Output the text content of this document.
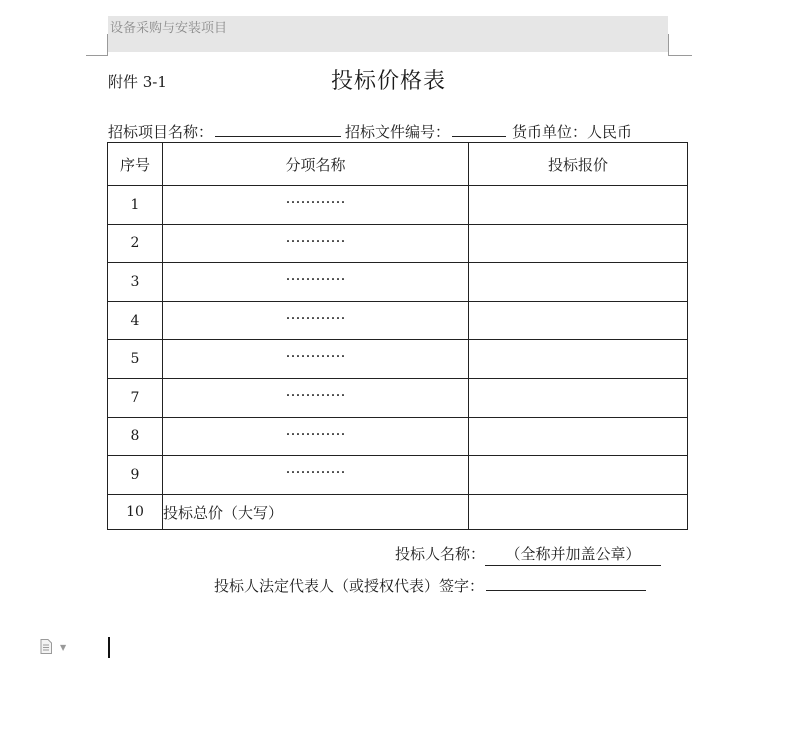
设备采购与安装项目
附件 3-1	投标价格表
招标项目名称：	招标文件编号：	货币单位：人民币
序号	分项名称	投标报价
1	…………	
2	…………	
3	…………	
4	…………	
5	…………	
7	…………	
8	…………	
9	…………	
10	投标总价（大写）	
投标人名称： （全称并加盖公章）
投标人法定代表人（或授权代表）签字：
▼
